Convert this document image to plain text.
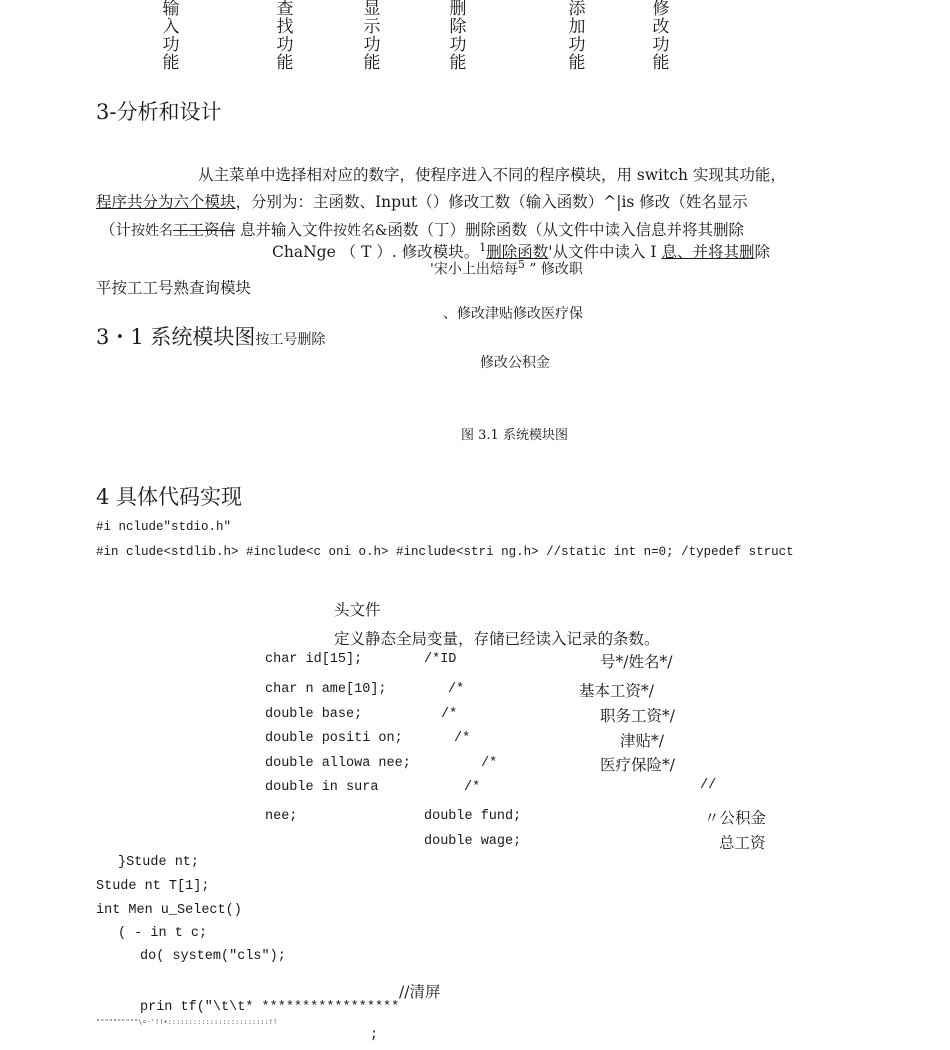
输入功能
查找功能
显示功能
删除功能
添加功能
修改功能
3-分析和设计
从主菜单中选择相对应的数字，使程序进入不同的程序模块，用 switch 实现其功能，
程序共分为六个模块，分别为：主函数、Input（）修改工数（输入函数）^|is 修改（姓名显示
（计按姓名工工资信 息并输入文件按姓名&函数（丁）删除函数（从文件中读入信息并将其删除
ChaNge （ T ）. 修改模块。$^1$删除函数'从文件中读入 I 息、并将其删除
'宋小上出焙每$^5$ ” 修改职
平按工工号熟查询模块
、修改津贴修改医疗保
3・1 系统模块图按工号删除
修改公积金
图 3.1 系统模块图
4 具体代码实现
#i nclude"stdio.h"
#in clude<stdlib.h> #include<c oni o.h> #include<stri ng.h> //static int n=0; /typedef struct
头文件
定义静态全局变量，存储已经读入记录的条数。
char id[15];	/*ID	号*/姓名*/
char n ame[10];	/*	基本工资*/
double base;	/*	职务工资*/
double positi on;	/*	津贴*/
double allowa nee;	/*	医疗保险*/
double in sura	/*	//
nee;	double fund;	〃公积金
double wage;	总工资
}Stude nt;
Stude nt T[1];
int Men u_Select()
( - in t c;
do( system("cls");
//清屏
prin tf("\t\t* *****************
""""""""""\=-'!!•::::::::::::::::::::::::!!
;
